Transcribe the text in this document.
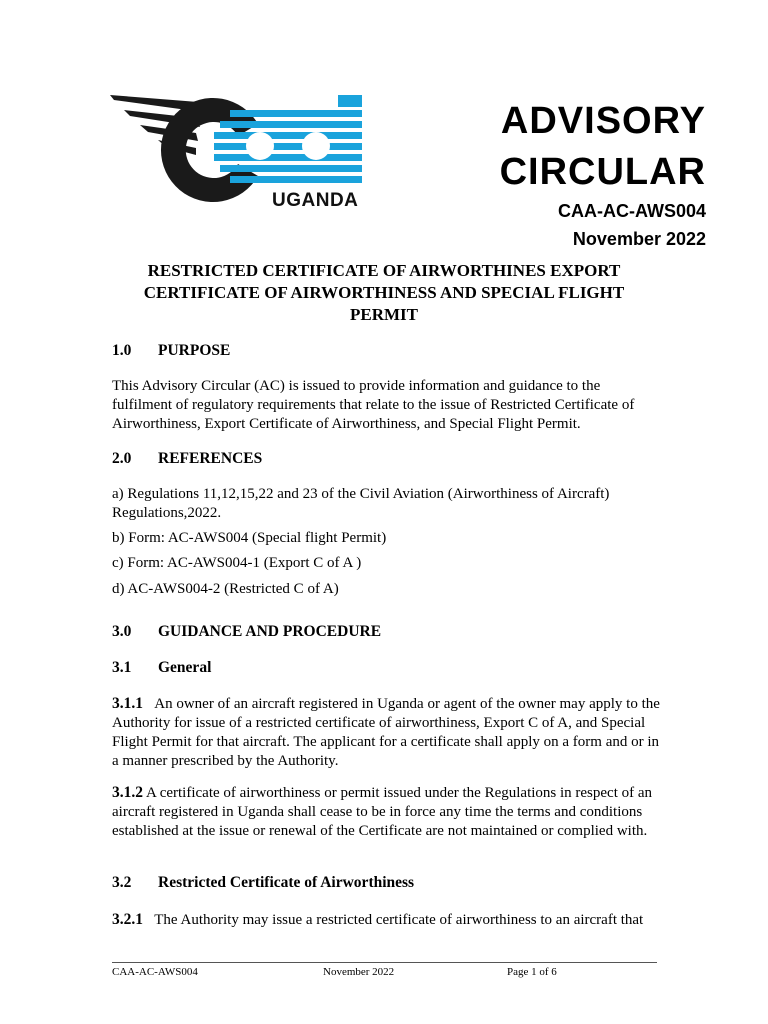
UGANDA
ADVISORY
CIRCULAR
CAA-AC-AWS004
November 2022
RESTRICTED CERTIFICATE OF AIRWORTHINES EXPORT CERTIFICATE OF AIRWORTHINESS AND SPECIAL FLIGHT PERMIT
1.0 PURPOSE
This Advisory Circular (AC) is issued to provide information and guidance to the fulfilment of regulatory requirements that relate to the issue of Restricted Certificate of Airworthiness, Export Certificate of Airworthiness, and Special Flight Permit.
2.0 REFERENCES
a) Regulations 11,12,15,22 and 23 of the Civil Aviation (Airworthiness of Aircraft) Regulations,2022.
b) Form: AC-AWS004 (Special flight Permit)
c) Form: AC-AWS004-1 (Export C of A )
d) AC-AWS004-2 (Restricted C of A)
3.0 GUIDANCE AND PROCEDURE
3.1 General
3.1.1 An owner of an aircraft registered in Uganda or agent of the owner may apply to the Authority for issue of a restricted certificate of airworthiness, Export C of A, and Special Flight Permit for that aircraft. The applicant for a certificate shall apply on a form and or in a manner prescribed by the Authority.
3.1.2 A certificate of airworthiness or permit issued under the Regulations in respect of an aircraft registered in Uganda shall cease to be in force any time the terms and conditions established at the issue or renewal of the Certificate are not maintained or complied with.
3.2 Restricted Certificate of Airworthiness
3.2.1 The Authority may issue a restricted certificate of airworthiness to an aircraft that
CAA-AC-AWS004	November 2022	Page 1 of 6
